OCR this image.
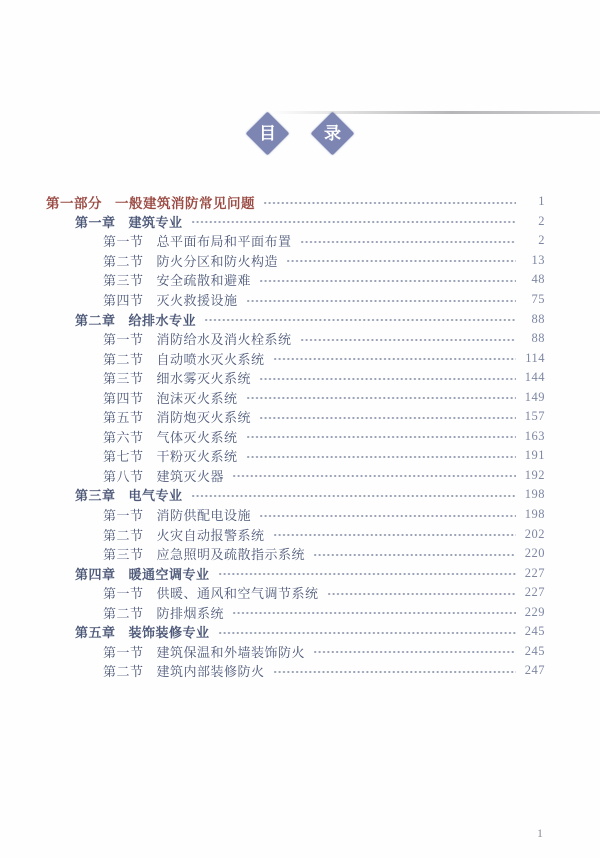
目	录
第一部分 一般建筑消防常见问题	1
第一章 建筑专业	2
第一节 总平面布局和平面布置	2
第二节 防火分区和防火构造	13
第三节 安全疏散和避难	48
第四节 灭火救援设施	75
第二章 给排水专业	88
第一节 消防给水及消火栓系统	88
第二节 自动喷水灭火系统	114
第三节 细水雾灭火系统	144
第四节 泡沫灭火系统	149
第五节 消防炮灭火系统	157
第六节 气体灭火系统	163
第七节 干粉灭火系统	191
第八节 建筑灭火器	192
第三章 电气专业	198
第一节 消防供配电设施	198
第二节 火灾自动报警系统	202
第三节 应急照明及疏散指示系统	220
第四章 暖通空调专业	227
第一节 供暖、通风和空气调节系统	227
第二节 防排烟系统	229
第五章 装饰装修专业	245
第一节 建筑保温和外墙装饰防火	245
第二节 建筑内部装修防火	247
1
